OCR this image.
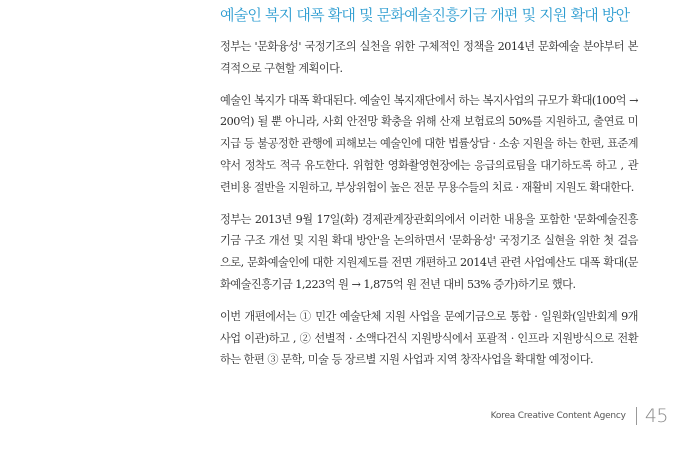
예술인 복지 대폭 확대 및 문화예술진흥기금 개편 및 지원 확대 방안

정부는 '문화융성' 국정기조의 실천을 위한 구체적인 정책을 2014년 문화예술 분야부터 본격적으로 구현할 계획이다.

예술인 복지가 대폭 확대된다. 예술인 복지재단에서 하는 복지사업의 규모가 확대(100억 → 200억) 될 뿐 아니라, 사회 안전망 확충을 위해 산재 보험료의 50%를 지원하고, 출연료 미지급 등 불공정한 관행에 피해보는 예술인에 대한 법률상담 · 소송 지원을 하는 한편, 표준계약서 정착도 적극 유도한다. 위험한 영화촬영현장에는 응급의료팀을 대기하도록 하고 , 관련비용 절반을 지원하고, 부상위험이 높은 전문 무용수들의 치료 · 재활비 지원도 확대한다.

정부는 2013년 9월 17일(화) 경제관계장관회의에서 이러한 내용을 포함한 '문화예술진흥기금 구조 개선 및 지원 확대 방안'을 논의하면서 '문화융성' 국정기조 실현을 위한 첫 걸음으로, 문화예술인에 대한 지원제도를 전면 개편하고 2014년 관련 사업예산도 대폭 확대(문화예술진흥기금 1,223억 원 → 1,875억 원 전년 대비 53% 증가)하기로 했다.

이번 개편에서는 ① 민간 예술단체 지원 사업을 문예기금으로 통합 · 일원화(일반회계 9개 사업 이관)하고 , ② 선별적 · 소액다건식 지원방식에서 포괄적 · 인프라 지원방식으로 전환하는 한편 ③ 문학, 미술 등 장르별 지원 사업과 지역 창작사업을 확대할 예정이다.

Korea Creative Content Agency 45
